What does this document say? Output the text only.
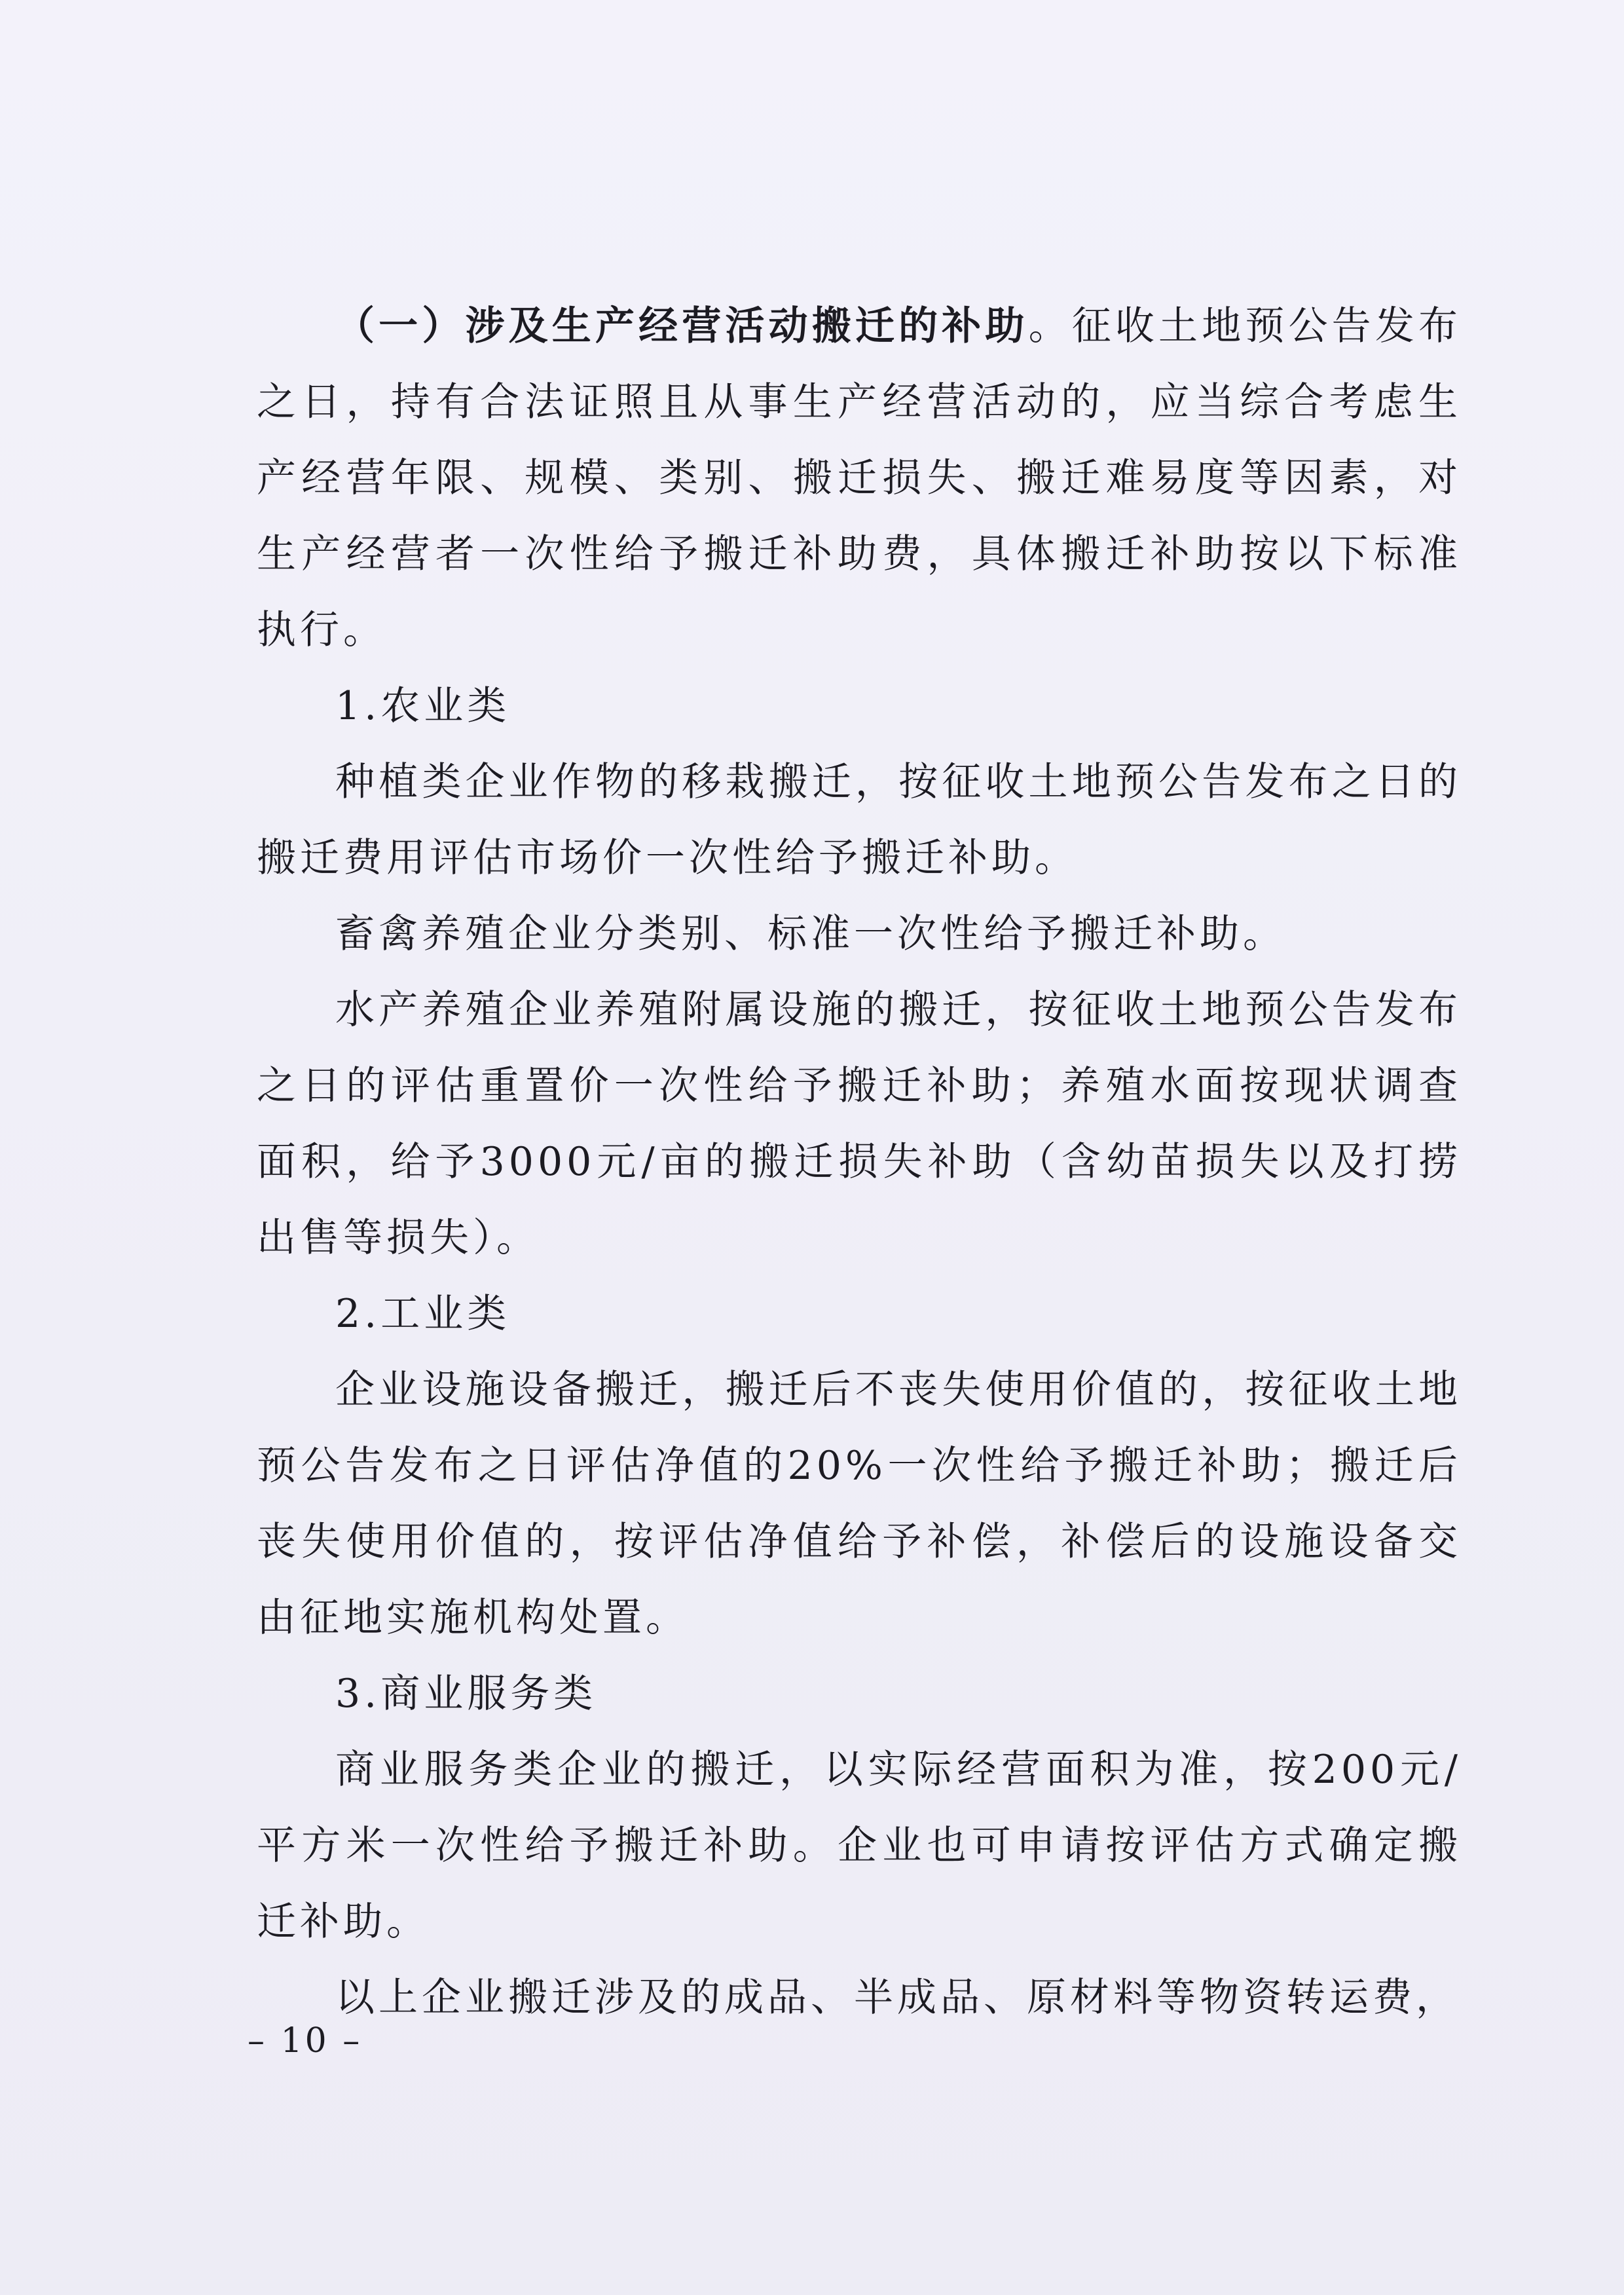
（一）涉及生产经营活动搬迁的补助。征收土地预公告发布之日，持有合法证照且从事生产经营活动的，应当综合考虑生产经营年限、规模、类别、搬迁损失、搬迁难易度等因素，对生产经营者一次性给予搬迁补助费，具体搬迁补助按以下标准执行。

1.农业类

种植类企业作物的移栽搬迁，按征收土地预公告发布之日的搬迁费用评估市场价一次性给予搬迁补助。

畜禽养殖企业分类别、标准一次性给予搬迁补助。

水产养殖企业养殖附属设施的搬迁，按征收土地预公告发布之日的评估重置价一次性给予搬迁补助；养殖水面按现状调查面积，给予3000元/亩的搬迁损失补助（含幼苗损失以及打捞出售等损失）。

2.工业类

企业设施设备搬迁，搬迁后不丧失使用价值的，按征收土地预公告发布之日评估净值的20%一次性给予搬迁补助；搬迁后丧失使用价值的，按评估净值给予补偿，补偿后的设施设备交由征地实施机构处置。

3.商业服务类

商业服务类企业的搬迁，以实际经营面积为准，按200元/平方米一次性给予搬迁补助。企业也可申请按评估方式确定搬迁补助。

以上企业搬迁涉及的成品、半成品、原材料等物资转运费，

– 10 –
